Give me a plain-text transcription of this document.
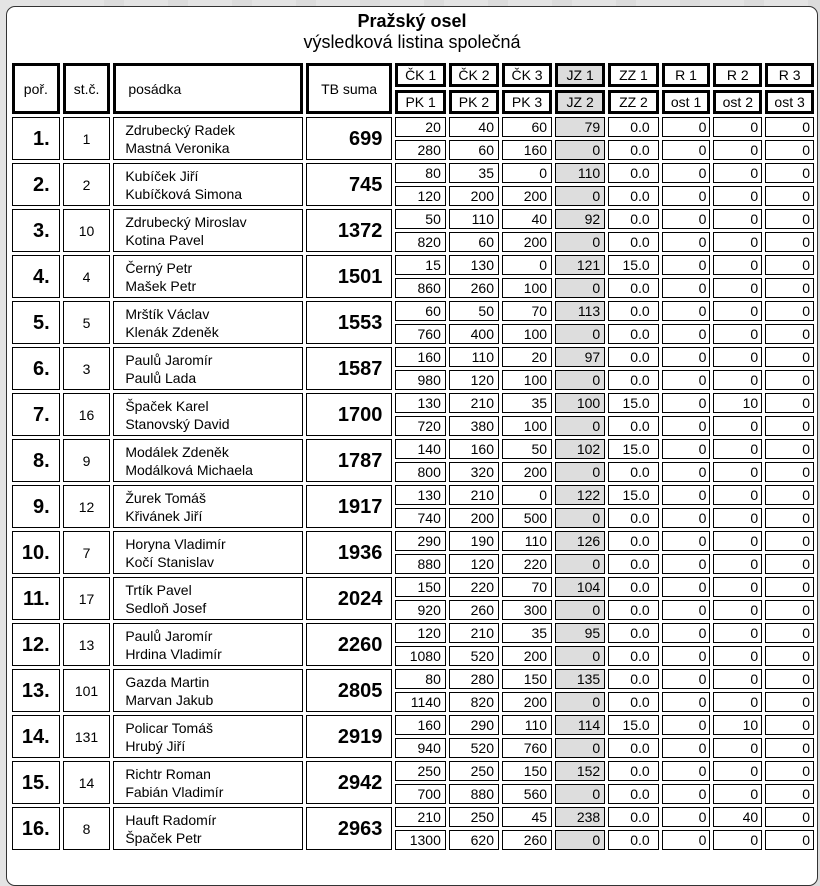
Pražský osel
výsledková listina společná
poř.	st.č.	posádka	TB suma	ČK 1	ČK 2	ČK 3	JZ 1	ZZ 1	R 1	R 2	R 3
				PK 1	PK 2	PK 3	JZ 2	ZZ 2	ost 1	ost 2	ost 3
1.	1	Zdrubecký Radek
Mastná Veronika	699	20	40	60	79	0.0	0	0	0
				280	60	160	0	0.0	0	0	0
2.	2	Kubíček Jiří
Kubíčková Simona	745	80	35	0	110	0.0	0	0	0
				120	200	200	0	0.0	0	0	0
3.	10	Zdrubecký Miroslav
Kotina Pavel	1372	50	110	40	92	0.0	0	0	0
				820	60	200	0	0.0	0	0	0
4.	4	Černý Petr
Mašek Petr	1501	15	130	0	121	15.0	0	0	0
				860	260	100	0	0.0	0	0	0
5.	5	Mrštík Václav
Klenák Zdeněk	1553	60	50	70	113	0.0	0	0	0
				760	400	100	0	0.0	0	0	0
6.	3	Paulů Jaromír
Paulů Lada	1587	160	110	20	97	0.0	0	0	0
				980	120	100	0	0.0	0	0	0
7.	16	Špaček Karel
Stanovský David	1700	130	210	35	100	15.0	0	10	0
				720	380	100	0	0.0	0	0	0
8.	9	Modálek Zdeněk
Modálková Michaela	1787	140	160	50	102	15.0	0	0	0
				800	320	200	0	0.0	0	0	0
9.	12	Žurek Tomáš
Křivánek Jiří	1917	130	210	0	122	15.0	0	0	0
				740	200	500	0	0.0	0	0	0
10.	7	Horyna Vladimír
Kočí Stanislav	1936	290	190	110	126	0.0	0	0	0
				880	120	220	0	0.0	0	0	0
11.	17	Trtík Pavel
Sedloň Josef	2024	150	220	70	104	0.0	0	0	0
				920	260	300	0	0.0	0	0	0
12.	13	Paulů Jaromír
Hrdina Vladimír	2260	120	210	35	95	0.0	0	0	0
				1080	520	200	0	0.0	0	0	0
13.	101	Gazda Martin
Marvan Jakub	2805	80	280	150	135	0.0	0	0	0
				1140	820	200	0	0.0	0	0	0
14.	131	Policar Tomáš
Hrubý Jiří	2919	160	290	110	114	15.0	0	10	0
				940	520	760	0	0.0	0	0	0
15.	14	Richtr Roman
Fabián Vladimír	2942	250	250	150	152	0.0	0	0	0
				700	880	560	0	0.0	0	0	0
16.	8	Hauft Radomír
Špaček Petr	2963	210	250	45	238	0.0	0	40	0
				1300	620	260	0	0.0	0	0	0
